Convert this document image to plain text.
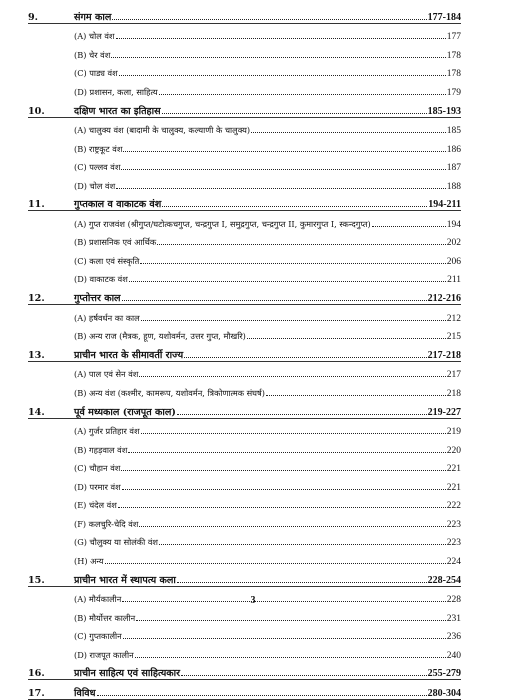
9.	संगम काल	177-184
(A) चोल वंश	177
(B) चेर वंश	178
(C) पाड्य वंश	178
(D) प्रशासन, कला, साहित्य	179
10.	दक्षिण भारत का इतिहास	185-193
(A) चालुक्य वंश (बादामी के चालुक्य, कल्याणी के चालुक्य)	185
(B) राष्ट्रकूट वंश	186
(C) पल्लव वंश	187
(D) चोल वंश	188
11.	गुप्तकाल व वाकाटक वंश	194-211
(A) गुप्त राजवंश (श्रीगुप्त/घटोत्कचगुप्त, चन्द्रगुप्त I, समुद्रगुप्त, चन्द्रगुप्त II, कुमारगुप्त I, स्कन्दगुप्त)	194
(B) प्रशासनिक एवं आर्थिक	202
(C) कला एवं संस्कृति	206
(D) वाकाटक वंश	211
12.	गुप्तोत्तर काल	212-216
(A) हर्षवर्धन का काल	212
(B) अन्य राज (मैत्रक, हूण, यशोवर्मन, उत्तर गुप्त, मौखरि)	215
13.	प्राचीन भारत के सीमावर्ती राज्य	217-218
(A) पाल एवं सेन वंश	217
(B) अन्य वंश (कश्मीर, कामरूप, यशोवर्मन, त्रिकोणात्मक संघर्ष)	218
14.	पूर्व मध्यकाल (राजपूत काल)	219-227
(A) गुर्जर प्रतिहार वंश	219
(B) गहड़वाल वंश	220
(C) चौहान वंश	221
(D) परमार वंश	221
(E) चंदेल वंश	222
(F) कलचुरि-चेदि वंश	223
(G) चौलुक्य या सोलंकी वंश	223
(H) अन्य	224
15.	प्राचीन भारत में स्थापत्य कला	228-254
(A) मौर्यकालीन	228
(B) मौर्योत्तर कालीन	231
(C) गुप्तकालीन	236
(D) राजपूत कालीन	240
16.	प्राचीन साहित्य एवं साहित्यकार	255-279
17.	विविध	280-304
3
